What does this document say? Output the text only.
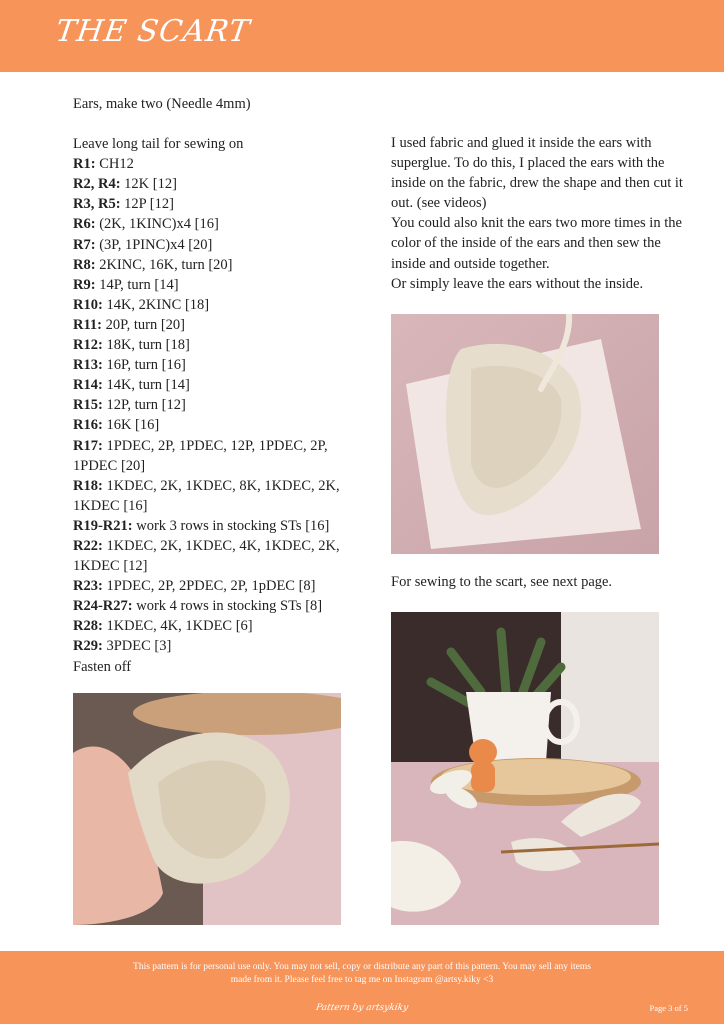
THE SCART

Ears, make two (Needle 4mm)

Leave long tail for sewing on

R1: CH12

R2, R4: 12K [12]

R3, R5: 12P [12]

R6: (2K, 1KINC)x4 [16]

R7: (3P, 1PINC)x4 [20]

R8: 2KINC, 16K, turn [20]

R9: 14P, turn [14]

R10: 14K, 2KINC [18]

R11: 20P, turn [20]

R12: 18K, turn [18]

R13: 16P, turn [16]

R14: 14K, turn [14]

R15: 12P, turn [12]

R16: 16K [16]

R17: 1PDEC, 2P, 1PDEC, 12P, 1PDEC, 2P, 1PDEC [20]

R18: 1KDEC, 2K, 1KDEC, 8K, 1KDEC, 2K, 1KDEC [16]

R19-R21: work 3 rows in stocking STs [16]

R22: 1KDEC, 2K, 1KDEC, 4K, 1KDEC, 2K, 1KDEC [12]

R23: 1PDEC, 2P, 2PDEC, 2P, 1pDEC [8]

R24-R27: work 4 rows in stocking STs [8]

R28: 1KDEC, 4K, 1KDEC [6]

R29: 3PDEC [3]

Fasten off

I used fabric and glued it inside the ears with superglue. To do this, I placed the ears with the inside on the fabric, drew the shape and then cut it out. (see videos)

You could also knit the ears two more times in the color of the inside of the ears and then sew the inside and outside together.

Or simply leave the ears without the inside.

For sewing to the scart, see next page.
This pattern is for personal use only. You may not sell, copy or distribute any part of this pattern. You may sell any items made from it. Please feel free to tag me on Instagram @artsy.kiky <3
Pattern by artsykiky	Page 3 of 5
